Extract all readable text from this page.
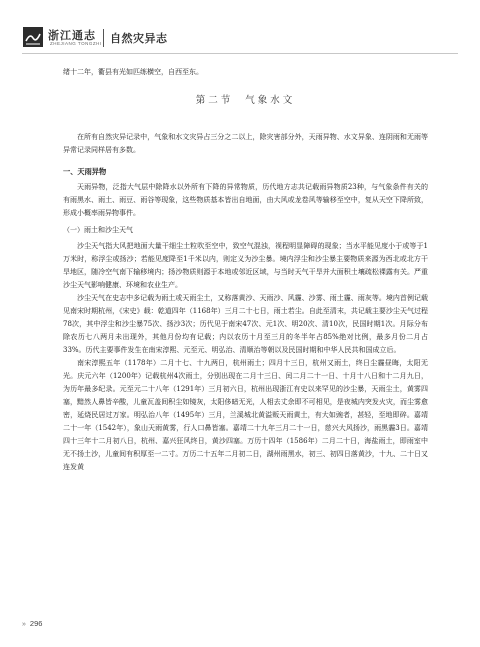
浙江通志
ZHEJIANG TONGZHI 自然灾异志

绪十二年，衢县有光如匹练横空，自西至东。

第二节 气象水文

在所有自然灾异记录中，气象和水文灾异占三分之二以上，除灾害部分外，天雨异物、水文异象、连阴雨和无雨等异常记录同样居有多数。

一、天雨异物

天雨异物，泛指大气层中除降水以外所有下降的异常物质，历代地方志共记载雨异物质23种，与气象条件有关的有雨黑水、雨土、雨豆、雨谷等现象，这些物质基本皆出自地面，由大风或龙卷风等输移至空中，复从天空下降所致，形成小概率雨异物事件。

（一）雨土和沙尘天气

沙尘天气指大风把地面大量干细尘土粒吹至空中，致空气混浊，视程明显障碍的现象；当水平能见度小于或等于1万米时，称浮尘或扬沙；若能见度降至1千米以内，则定义为沙尘暴。境内浮尘和沙尘暴主要物质来源为西北或北方干旱地区，随冷空气南下输移境内；扬沙物质则源于本地或邻近区域，与当时天气干旱并大面积土壤疏松裸露有关。严重沙尘天气影响健康、环境和农业生产。

沙尘天气在史志中多记载为雨土或天雨尘土，又称落黄沙、天雨沙、风霾、沙雾、雨土霾、雨灰等。境内首例记载见南宋时期杭州，《宋史》载：乾道四年（1168年）三月二十七日，雨土若尘。自此至清末，共记载主要沙尘天气过程78次，其中浮尘和沙尘暴75次、扬沙3次；历代见于南宋47次、元1次、明20次、清10次，民国时期1次。月际分布除农历七八两月未出现外，其他月份均有记载；内以农历十月至三月的冬半年占85%绝对比例，最多月份二月占33%。历代主要事件发生在南宋淳熙、元至元、明弘治、清顺治等朝以及民国时期和中华人民共和国成立后。

南宋淳熙五年（1178年）二月十七、十九两日，杭州雨土；四月十三日，杭州又雨土，终日尘霾昼晦，太阳无光。庆元六年（1200年）记载杭州4次雨土，分别出现在二月十三日、闰二月二十一日、十月十八日和十二月九日，为历年最多纪录。元至元二十八年（1291年）三月初六日，杭州出现浙江有史以来罕见的沙尘暴，天雨尘土，黄雾四塞，黯然人鼻皆辛酸，儿童瓦盖间积尘如镜灰，太阳侈暗无光，人相去丈余即不可相见，是夜城内突发火灾，而尘雾愈密，延烧民居过万家。明弘治八年（1495年）三月，兰溪城北黄溢贩天雨黄土，有大如豌者，甚轻，至地即碎。嘉靖二十一年（1542年），象山天雨黄雾，行人口鼻皆塞。嘉靖二十九年三月二十一日，慈兴大风扬沙，雨黑霾3日。嘉靖四十三年十二月初八日，杭州、嘉兴狂风终日，黄沙四塞。万历十四年（1586年）二月二十日，海盐雨土，即雨室中无不扬土沙，儿童间有积厚至一二寸。万历二十五年二月初二日，湖州雨黑水，初三、初四日落黄沙，十九、二十日又连发黄

» 296
